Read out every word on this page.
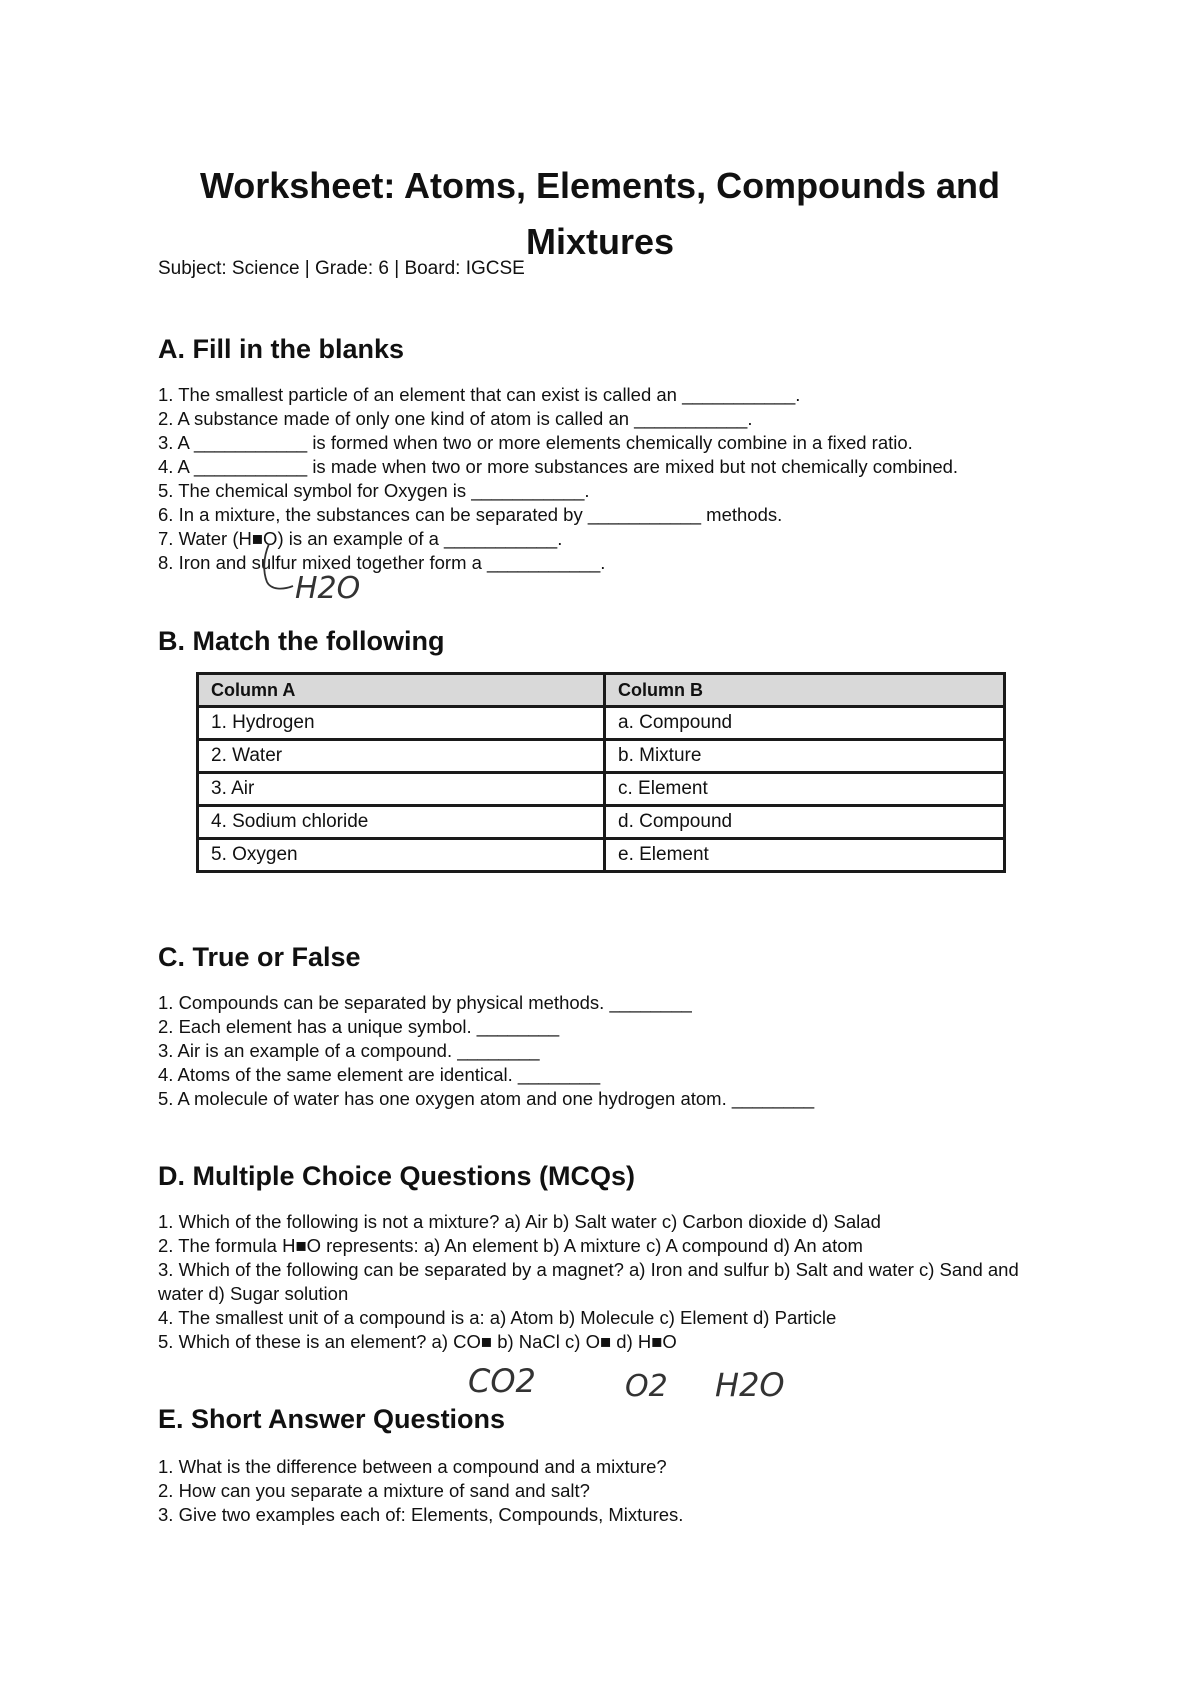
Worksheet: Atoms, Elements, Compounds and
Mixtures

Subject: Science | Grade: 6 | Board: IGCSE

A. Fill in the blanks
1. The smallest particle of an element that can exist is called an ___________.
2. A substance made of only one kind of atom is called an ___________.
3. A ___________ is formed when two or more elements chemically combine in a fixed ratio.
4. A ___________ is made when two or more substances are mixed but not chemically combined.
5. The chemical symbol for Oxygen is ___________.
6. In a mixture, the substances can be separated by ___________ methods.
7. Water (H■O) is an example of a ___________.
8. Iron and sulfur mixed together form a ___________.
H2O
B. Match the following
Column A	Column B
1. Hydrogen	a. Compound
2. Water	b. Mixture
3. Air	c. Element
4. Sodium chloride	d. Compound
5. Oxygen	e. Element
C. True or False
1. Compounds can be separated by physical methods. ________
2. Each element has a unique symbol. ________
3. Air is an example of a compound. ________
4. Atoms of the same element are identical. ________
5. A molecule of water has one oxygen atom and one hydrogen atom. ________
D. Multiple Choice Questions (MCQs)
1. Which of the following is not a mixture? a) Air b) Salt water c) Carbon dioxide d) Salad
2. The formula H■O represents: a) An element b) A mixture c) A compound d) An atom
3. Which of the following can be separated by a magnet? a) Iron and sulfur b) Salt and water c) Sand and water d) Sugar solution
4. The smallest unit of a compound is a: a) Atom b) Molecule c) Element d) Particle
5. Which of these is an element? a) CO■ b) NaCl c) O■ d) H■O
CO2	O2 H2O
E. Short Answer Questions
1. What is the difference between a compound and a mixture?
2. How can you separate a mixture of sand and salt?
3. Give two examples each of: Elements, Compounds, Mixtures.
